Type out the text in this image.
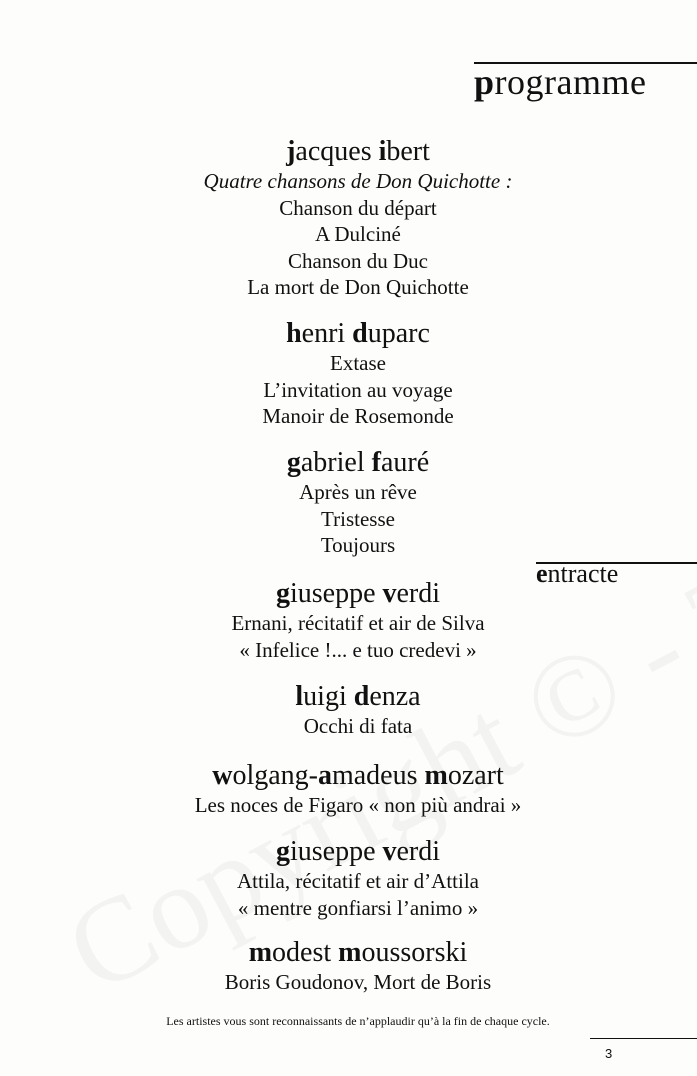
programme
jacques ibert
Quatre chansons de Don Quichotte :
Chanson du départ
A Dulciné
Chanson du Duc
La mort de Don Quichotte
henri duparc
Extase
L’invitation au voyage
Manoir de Rosemonde
gabriel fauré
Après un rêve
Tristesse
Toujours
giuseppe verdi
Ernani, récitatif et air de Silva
« Infelice !... e tuo credevi »
luigi denza
Occhi di fata
wolgang-amadeus mozart
Les noces de Figaro « non più andrai »
giuseppe verdi
Attila, récitatif et air d’Attila
« mentre gonfiarsi l’animo »
modest moussorski
Boris Goudonov, Mort de Boris
entracte
Les artistes vous sont reconnaissants de n’applaudir qu’à la fin de chaque cycle.
3
